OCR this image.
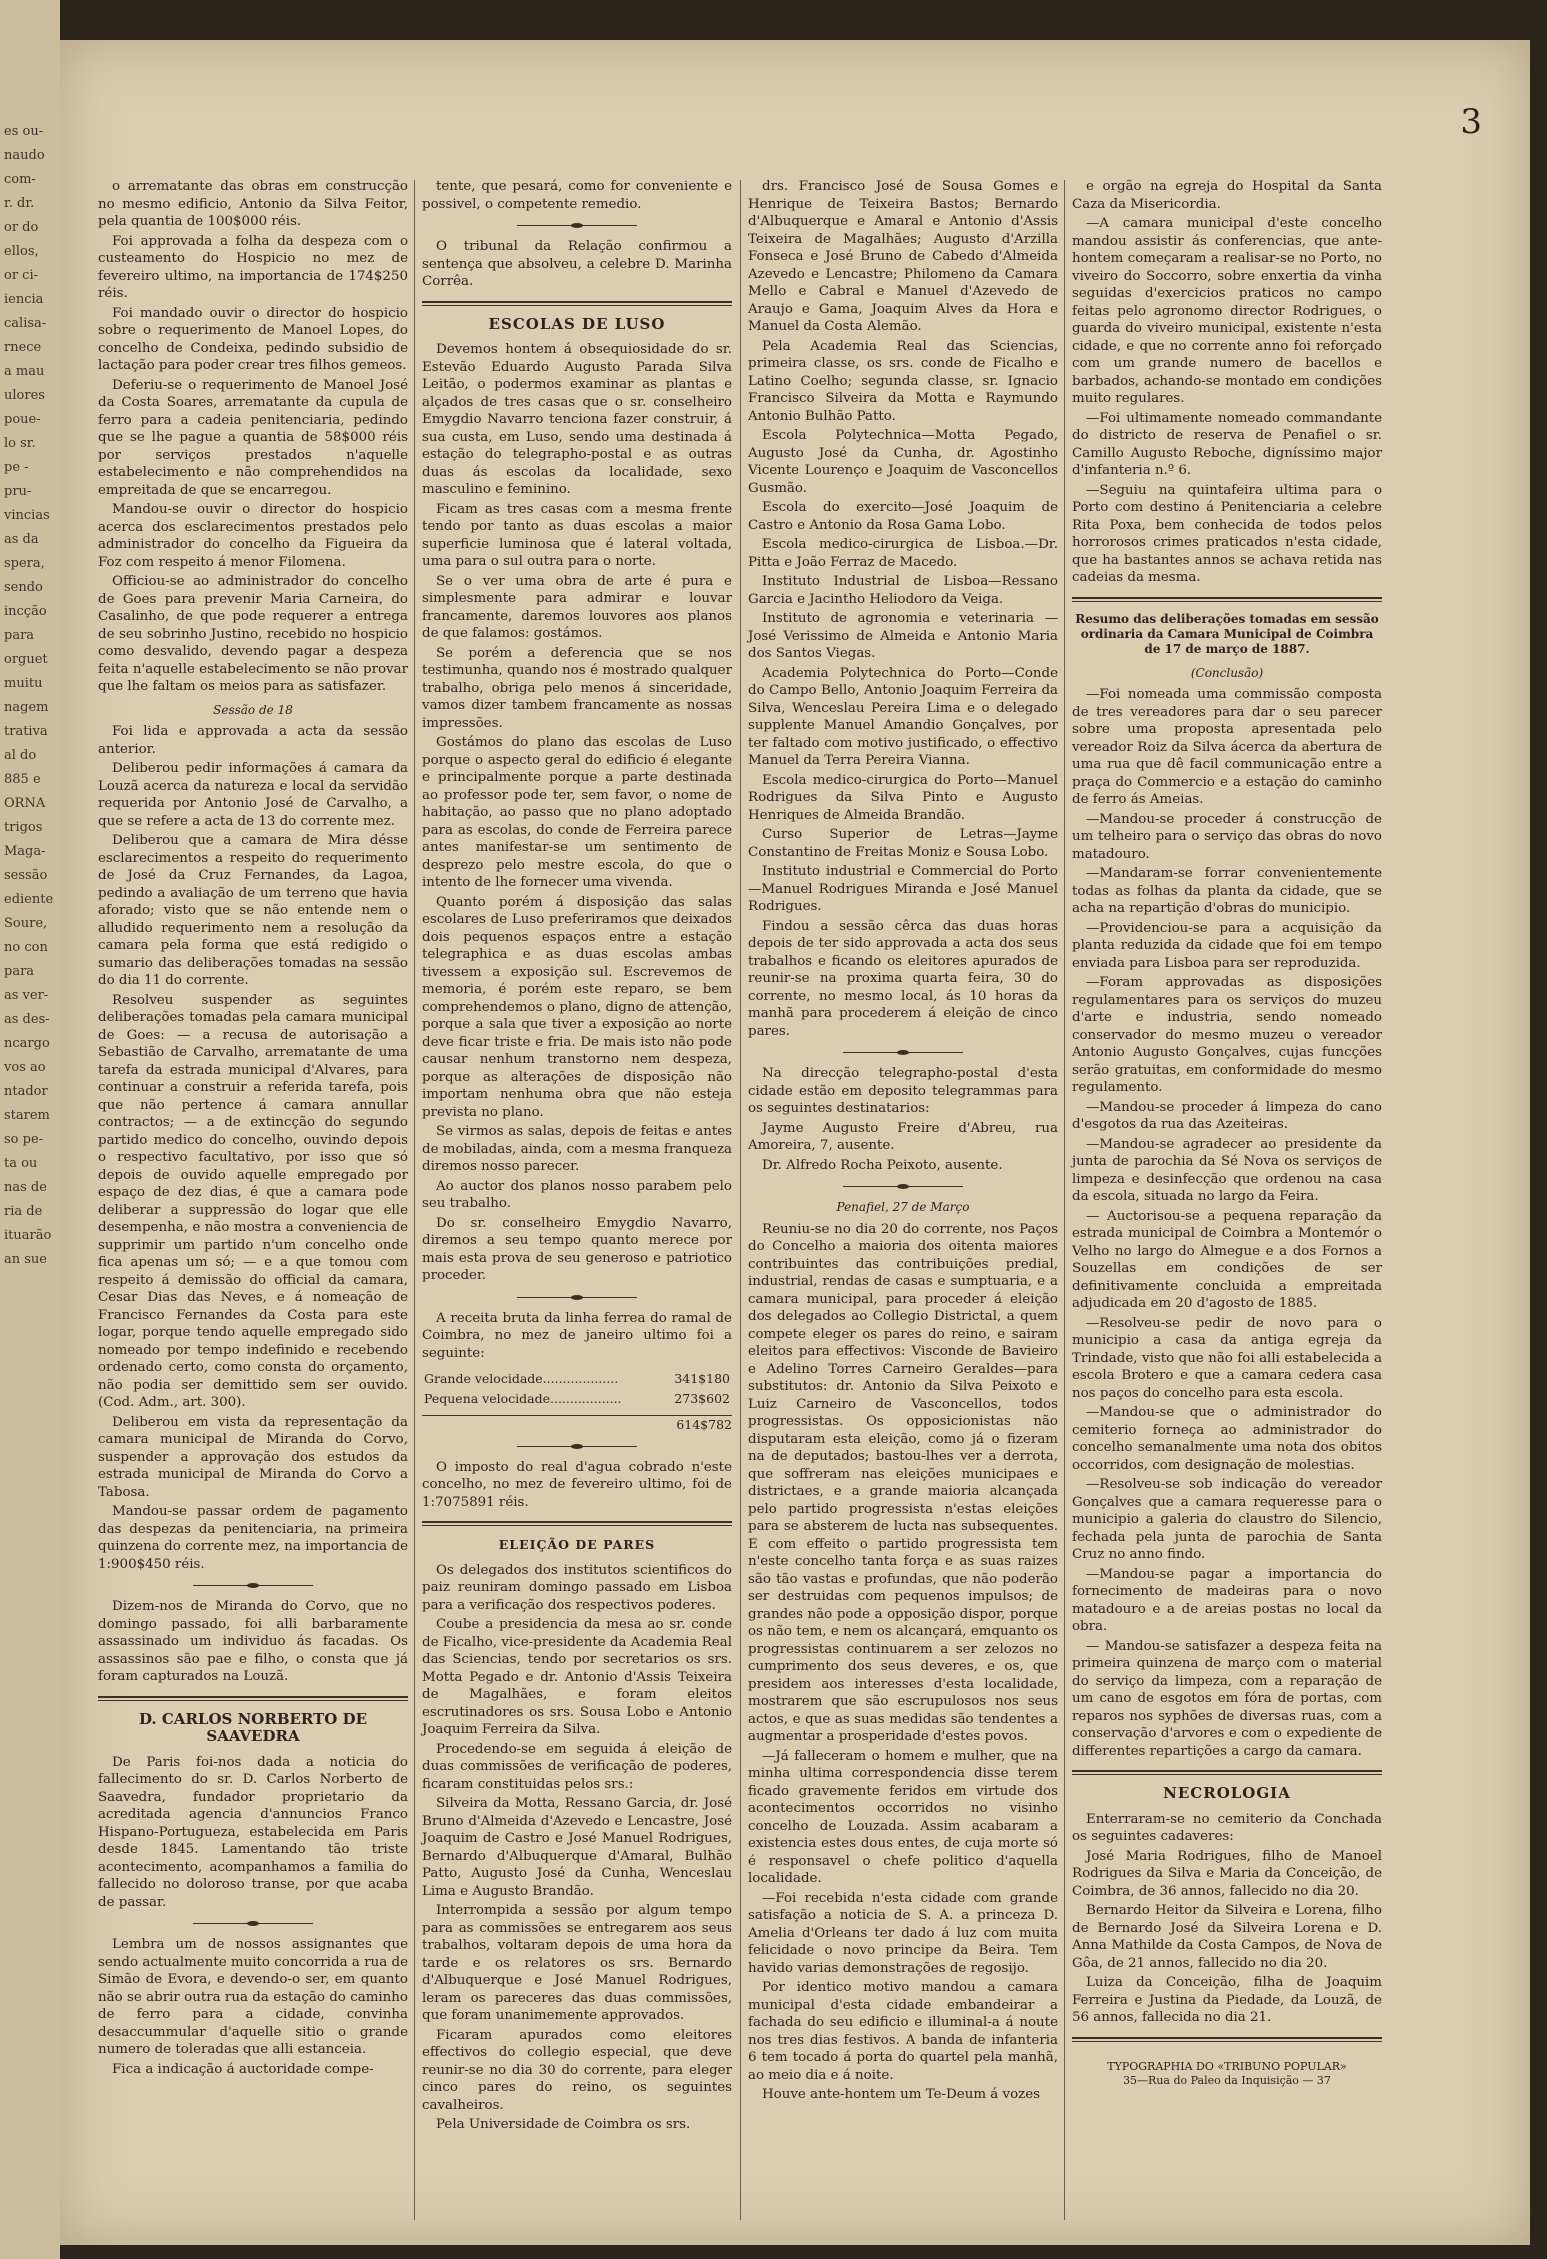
es ou-
naudo
com-
r. dr.
or do
ellos,
or ci-
iencia
calisa-
rnece
a mau
ulores
poue-
lo sr.
pe -
pru-
vincias
as da
spera,
sendo
incção
para
orguet
muitu
nagem
trativa
al do
885 e
ORNA
trigos
Maga-
sessão
ediente
Soure,
no con
para
as ver-
as des-
ncargo
vos ao
ntador
starem
so pe-
ta ou
nas de
ria de
ituarão
an sue
3

o arrematante das obras em construcção no mesmo edificio, Antonio da Silva Feitor, pela quantia de 100$000 réis.

Foi approvada a folha da despeza com o custeamento do Hospicio no mez de fevereiro ultimo, na importancia de 174$250 réis.

Foi mandado ouvir o director do hospicio sobre o requerimento de Manoel Lopes, do concelho de Condeixa, pedindo subsidio de lactação para poder crear tres filhos gemeos.

Deferiu-se o requerimento de Manoel José da Costa Soares, arrematante da cupula de ferro para a cadeia penitenciaria, pedindo que se lhe pague a quantia de 58$000 réis por serviços prestados n'aquelle estabelecimento e não comprehendidos na empreitada de que se encarregou.

Mandou-se ouvir o director do hospicio acerca dos esclarecimentos prestados pelo administrador do concelho da Figueira da Foz com respeito á menor Filomena.

Officiou-se ao administrador do concelho de Goes para prevenir Maria Carneira, do Casalinho, de que pode requerer a entrega de seu sobrinho Justino, recebido no hospicio como desvalido, devendo pagar a despeza feita n'aquelle estabelecimento se não provar que lhe faltam os meios para as satisfazer.

Sessão de 18

Foi lida e approvada a acta da sessão anterior.

Deliberou pedir informações á camara da Louzã acerca da natureza e local da servidão requerida por Antonio José de Carvalho, a que se refere a acta de 13 do corrente mez.

Deliberou que a camara de Mira désse esclarecimentos a respeito do requerimento de José da Cruz Fernandes, da Lagoa, pedindo a avaliação de um terreno que havia aforado; visto que se não entende nem o alludido requerimento nem a resolução da camara pela forma que está redigido o sumario das deliberações tomadas na sessão do dia 11 do corrente.

Resolveu suspender as seguintes deliberações tomadas pela camara municipal de Goes: — a recusa de autorisação a Sebastião de Carvalho, arrematante de uma tarefa da estrada municipal d'Alvares, para continuar a construir a referida tarefa, pois que não pertence á camara annullar contractos; — a de extincção do segundo partido medico do concelho, ouvindo depois o respectivo facultativo, por isso que só depois de ouvido aquelle empregado por espaço de dez dias, é que a camara pode deliberar a suppressão do logar que elle desempenha, e não mostra a conveniencia de supprimir um partido n'um concelho onde fica apenas um só; — e a que tomou com respeito á demissão do official da camara, Cesar Dias das Neves, e á nomeação de Francisco Fernandes da Costa para este logar, porque tendo aquelle empregado sido nomeado por tempo indefinido e recebendo ordenado certo, como consta do orçamento, não podia ser demittido sem ser ouvido. (Cod. Adm., art. 300).

Deliberou em vista da representação da camara municipal de Miranda do Corvo, suspender a approvação dos estudos da estrada municipal de Miranda do Corvo a Tabosa.

Mandou-se passar ordem de pagamento das despezas da penitenciaria, na primeira quinzena do corrente mez, na importancia de 1:900$450 réis.

Dizem-nos de Miranda do Corvo, que no domingo passado, foi alli barbaramente assassinado um individuo ás facadas. Os assassinos são pae e filho, o consta que já foram capturados na Louzã.

D. CARLOS NORBERTO DE SAAVEDRA

De Paris foi-nos dada a noticia do fallecimento do sr. D. Carlos Norberto de Saavedra, fundador proprietario da acreditada agencia d'annuncios Franco Hispano-Portugueza, estabelecida em Paris desde 1845. Lamentando tão triste acontecimento, acompanhamos a familia do fallecido no doloroso transe, por que acaba de passar.

Lembra um de nossos assignantes que sendo actualmente muito concorrida a rua de Simão de Evora, e devendo-o ser, em quanto não se abrir outra rua da estação do caminho de ferro para a cidade, convinha desaccummular d'aquelle sitio o grande numero de toleradas que alli estanceia.

Fica a indicação á auctoridade compe-

tente, que pesará, como for conveniente e possivel, o competente remedio.

O tribunal da Relação confirmou a sentença que absolveu, a celebre D. Marinha Corrêa.

ESCOLAS DE LUSO

Devemos hontem á obsequiosidade do sr. Estevão Eduardo Augusto Parada Silva Leitão, o podermos examinar as plantas e alçados de tres casas que o sr. conselheiro Emygdio Navarro tenciona fazer construir, á sua custa, em Luso, sendo uma destinada á estação do telegrapho-postal e as outras duas ás escolas da localidade, sexo masculino e feminino.

Ficam as tres casas com a mesma frente tendo por tanto as duas escolas a maior superficie luminosa que é lateral voltada, uma para o sul outra para o norte.

Se o ver uma obra de arte é pura e simplesmente para admirar e louvar francamente, daremos louvores aos planos de que falamos: gostámos.

Se porém a deferencia que se nos testimunha, quando nos é mostrado qualquer trabalho, obriga pelo menos á sinceridade, vamos dizer tambem francamente as nossas impressões.

Gostámos do plano das escolas de Luso porque o aspecto geral do edificio é elegante e principalmente porque a parte destinada ao professor pode ter, sem favor, o nome de habitação, ao passo que no plano adoptado para as escolas, do conde de Ferreira parece antes manifestar-se um sentimento de desprezo pelo mestre escola, do que o intento de lhe fornecer uma vivenda.

Quanto porém á disposição das salas escolares de Luso preferiramos que deixados dois pequenos espaços entre a estação telegraphica e as duas escolas ambas tivessem a exposição sul. Escrevemos de memoria, é porém este reparo, se bem comprehendemos o plano, digno de attenção, porque a sala que tiver a exposição ao norte deve ficar triste e fria. De mais isto não pode causar nenhum transtorno nem despeza, porque as alterações de disposição não importam nenhuma obra que não esteja prevista no plano.

Se virmos as salas, depois de feitas e antes de mobiladas, ainda, com a mesma franqueza diremos nosso parecer.

Ao auctor dos planos nosso parabem pelo seu trabalho.

Do sr. conselheiro Emygdio Navarro, diremos a seu tempo quanto merece por mais esta prova de seu generoso e patriotico proceder.

A receita bruta da linha ferrea do ramal de Coimbra, no mez de janeiro ultimo foi a seguinte:

Grande velocidade...................	341$180
Pequena velocidade..................	273$602
614$782

O imposto do real d'agua cobrado n'este concelho, no mez de fevereiro ultimo, foi de 1:7075891 réis.

ELEIÇÃO DE PARES

Os delegados dos institutos scientificos do paiz reuniram domingo passado em Lisboa para a verificação dos respectivos poderes.

Coube a presidencia da mesa ao sr. conde de Ficalho, vice-presidente da Academia Real das Sciencias, tendo por secretarios os srs. Motta Pegado e dr. Antonio d'Assis Teixeira de Magalhães, e foram eleitos escrutinadores os srs. Sousa Lobo e Antonio Joaquim Ferreira da Silva.

Procedendo-se em seguida á eleição de duas commissões de verificação de poderes, ficaram constituidas pelos srs.:

Silveira da Motta, Ressano Garcia, dr. José Bruno d'Almeida d'Azevedo e Lencastre, José Joaquim de Castro e José Manuel Rodrigues, Bernardo d'Albuquerque d'Amaral, Bulhão Patto, Augusto José da Cunha, Wenceslau Lima e Augusto Brandão.

Interrompida a sessão por algum tempo para as commissões se entregarem aos seus trabalhos, voltaram depois de uma hora da tarde e os relatores os srs. Bernardo d'Albuquerque e José Manuel Rodrigues, leram os pareceres das duas commissões, que foram unanimemente approvados.

Ficaram apurados como eleitores effectivos do collegio especial, que deve reunir-se no dia 30 do corrente, para eleger cinco pares do reino, os seguintes cavalheiros.

Pela Universidade de Coimbra os srs.

drs. Francisco José de Sousa Gomes e Henrique de Teixeira Bastos; Bernardo d'Albuquerque e Amaral e Antonio d'Assis Teixeira de Magalhães; Augusto d'Arzilla Fonseca e José Bruno de Cabedo d'Almeida Azevedo e Lencastre; Philomeno da Camara Mello e Cabral e Manuel d'Azevedo de Araujo e Gama, Joaquim Alves da Hora e Manuel da Costa Alemão.

Pela Academia Real das Sciencias, primeira classe, os srs. conde de Ficalho e Latino Coelho; segunda classe, sr. Ignacio Francisco Silveira da Motta e Raymundo Antonio Bulhão Patto.

Escola Polytechnica—Motta Pegado, Augusto José da Cunha, dr. Agostinho Vicente Lourenço e Joaquim de Vasconcellos Gusmão.

Escola do exercito—José Joaquim de Castro e Antonio da Rosa Gama Lobo.

Escola medico-cirurgica de Lisboa.—Dr. Pitta e João Ferraz de Macedo.

Instituto Industrial de Lisboa—Ressano Garcia e Jacintho Heliodoro da Veiga.

Instituto de agronomia e veterinaria — José Verissimo de Almeida e Antonio Maria dos Santos Viegas.

Academia Polytechnica do Porto—Conde do Campo Bello, Antonio Joaquim Ferreira da Silva, Wenceslau Pereira Lima e o delegado supplente Manuel Amandio Gonçalves, por ter faltado com motivo justificado, o effectivo Manuel da Terra Pereira Vianna.

Escola medico-cirurgica do Porto—Manuel Rodrigues da Silva Pinto e Augusto Henriques de Almeida Brandão.

Curso Superior de Letras—Jayme Constantino de Freitas Moniz e Sousa Lobo.

Instituto industrial e Commercial do Porto —Manuel Rodrigues Miranda e José Manuel Rodrigues.

Findou a sessão cêrca das duas horas depois de ter sido approvada a acta dos seus trabalhos e ficando os eleitores apurados de reunir-se na proxima quarta feira, 30 do corrente, no mesmo local, ás 10 horas da manhã para procederem á eleição de cinco pares.

Na direcção telegrapho-postal d'esta cidade estão em deposito telegrammas para os seguintes destinatarios:

Jayme Augusto Freire d'Abreu, rua Amoreira, 7, ausente.

Dr. Alfredo Rocha Peixoto, ausente.

Penafiel, 27 de Março

Reuniu-se no dia 20 do corrente, nos Paços do Concelho a maioria dos oitenta maiores contribuintes das contribuições predial, industrial, rendas de casas e sumptuaria, e a camara municipal, para proceder á eleição dos delegados ao Collegio Districtal, a quem compete eleger os pares do reino, e sairam eleitos para effectivos: Visconde de Bavieiro e Adelino Torres Carneiro Geraldes—para substitutos: dr. Antonio da Silva Peixoto e Luiz Carneiro de Vasconcellos, todos progressistas. Os opposicionistas não disputaram esta eleição, como já o fizeram na de deputados; bastou-lhes ver a derrota, que soffreram nas eleições municipaes e districtaes, e a grande maioria alcançada pelo partido progressista n'estas eleições para se absterem de lucta nas subsequentes. E com effeito o partido progressista tem n'este concelho tanta força e as suas raizes são tão vastas e profundas, que não poderão ser destruidas com pequenos impulsos; de grandes não pode a opposição dispor, porque os não tem, e nem os alcançará, emquanto os progressistas continuarem a ser zelozos no cumprimento dos seus deveres, e os, que presidem aos interesses d'esta localidade, mostrarem que são escrupulosos nos seus actos, e que as suas medidas são tendentes a augmentar a prosperidade d'estes povos.

—Já falleceram o homem e mulher, que na minha ultima correspondencia disse terem ficado gravemente feridos em virtude dos acontecimentos occorridos no visinho concelho de Louzada. Assim acabaram a existencia estes dous entes, de cuja morte só é responsavel o chefe politico d'aquella localidade.

—Foi recebida n'esta cidade com grande satisfação a noticia de S. A. a princeza D. Amelia d'Orleans ter dado á luz com muita felicidade o novo principe da Beira. Tem havido varias demonstrações de regosijo.

Por identico motivo mandou a camara municipal d'esta cidade embandeirar a fachada do seu edificio e illuminal-a á noute nos tres dias festivos. A banda de infanteria 6 tem tocado á porta do quartel pela manhã, ao meio dia e á noite.

Houve ante-hontem um Te-Deum á vozes

e orgão na egreja do Hospital da Santa Caza da Misericordia.

—A camara municipal d'este concelho mandou assistir ás conferencias, que ante-hontem começaram a realisar-se no Porto, no viveiro do Soccorro, sobre enxertia da vinha seguidas d'exercicios praticos no campo feitas pelo agronomo director Rodrigues, o guarda do viveiro municipal, existente n'esta cidade, e que no corrente anno foi reforçado com um grande numero de bacellos e barbados, achando-se montado em condições muito regulares.

—Foi ultimamente nomeado commandante do districto de reserva de Penafiel o sr. Camillo Augusto Reboche, digníssimo major d'infanteria n.º 6.

—Seguiu na quintafeira ultima para o Porto com destino á Penitenciaria a celebre Rita Poxa, bem conhecida de todos pelos horrorosos crimes praticados n'esta cidade, que ha bastantes annos se achava retida nas cadeias da mesma.

Resumo das deliberações tomadas em sessão ordinaria da Camara Municipal de Coimbra de 17 de março de 1887.
(Conclusão)

—Foi nomeada uma commissão composta de tres vereadores para dar o seu parecer sobre uma proposta apresentada pelo vereador Roiz da Silva ácerca da abertura de uma rua que dê facil communicação entre a praça do Commercio e a estação do caminho de ferro ás Ameias.

—Mandou-se proceder á construcção de um telheiro para o serviço das obras do novo matadouro.

—Mandaram-se forrar convenientemente todas as folhas da planta da cidade, que se acha na repartição d'obras do municipio.

—Providenciou-se para a acquisição da planta reduzida da cidade que foi em tempo enviada para Lisboa para ser reproduzida.

—Foram approvadas as disposições regulamentares para os serviços do muzeu d'arte e industria, sendo nomeado conservador do mesmo muzeu o vereador Antonio Augusto Gonçalves, cujas funcções serão gratuitas, em conformidade do mesmo regulamento.

—Mandou-se proceder á limpeza do cano d'esgotos da rua das Azeiteiras.

—Mandou-se agradecer ao presidente da junta de parochia da Sé Nova os serviços de limpeza e desinfecção que ordenou na casa da escola, situada no largo da Feira.

— Auctorisou-se a pequena reparação da estrada municipal de Coimbra a Montemór o Velho no largo do Almegue e a dos Fornos a Souzellas em condições de ser definitivamente concluida a empreitada adjudicada em 20 d'agosto de 1885.

—Resolveu-se pedir de novo para o municipio a casa da antiga egreja da Trindade, visto que não foi alli estabelecida a escola Brotero e que a camara cedera casa nos paços do concelho para esta escola.

—Mandou-se que o administrador do cemiterio forneça ao administrador do concelho semanalmente uma nota dos obitos occorridos, com designação de molestias.

—Resolveu-se sob indicação do vereador Gonçalves que a camara requeresse para o municipio a galeria do claustro do Silencio, fechada pela junta de parochia de Santa Cruz no anno findo.

—Mandou-se pagar a importancia do fornecimento de madeiras para o novo matadouro e a de areias postas no local da obra.

— Mandou-se satisfazer a despeza feita na primeira quinzena de março com o material do serviço da limpeza, com a reparação de um cano de esgotos em fóra de portas, com reparos nos syphões de diversas ruas, com a conservação d'arvores e com o expediente de differentes repartições a cargo da camara.

NECROLOGIA

Enterraram-se no cemiterio da Conchada os seguintes cadaveres:

José Maria Rodrigues, filho de Manoel Rodrigues da Silva e Maria da Conceição, de Coimbra, de 36 annos, fallecido no dia 20.

Bernardo Heitor da Silveira e Lorena, filho de Bernardo José da Silveira Lorena e D. Anna Mathilde da Costa Campos, de Nova de Gôa, de 21 annos, fallecido no dia 20.

Luiza da Conceição, filha de Joaquim Ferreira e Justina da Piedade, da Louzã, de 56 annos, fallecida no dia 21.

TYPOGRAPHIA DO «TRIBUNO POPULAR»
35—Rua do Paleo da Inquisição — 37
